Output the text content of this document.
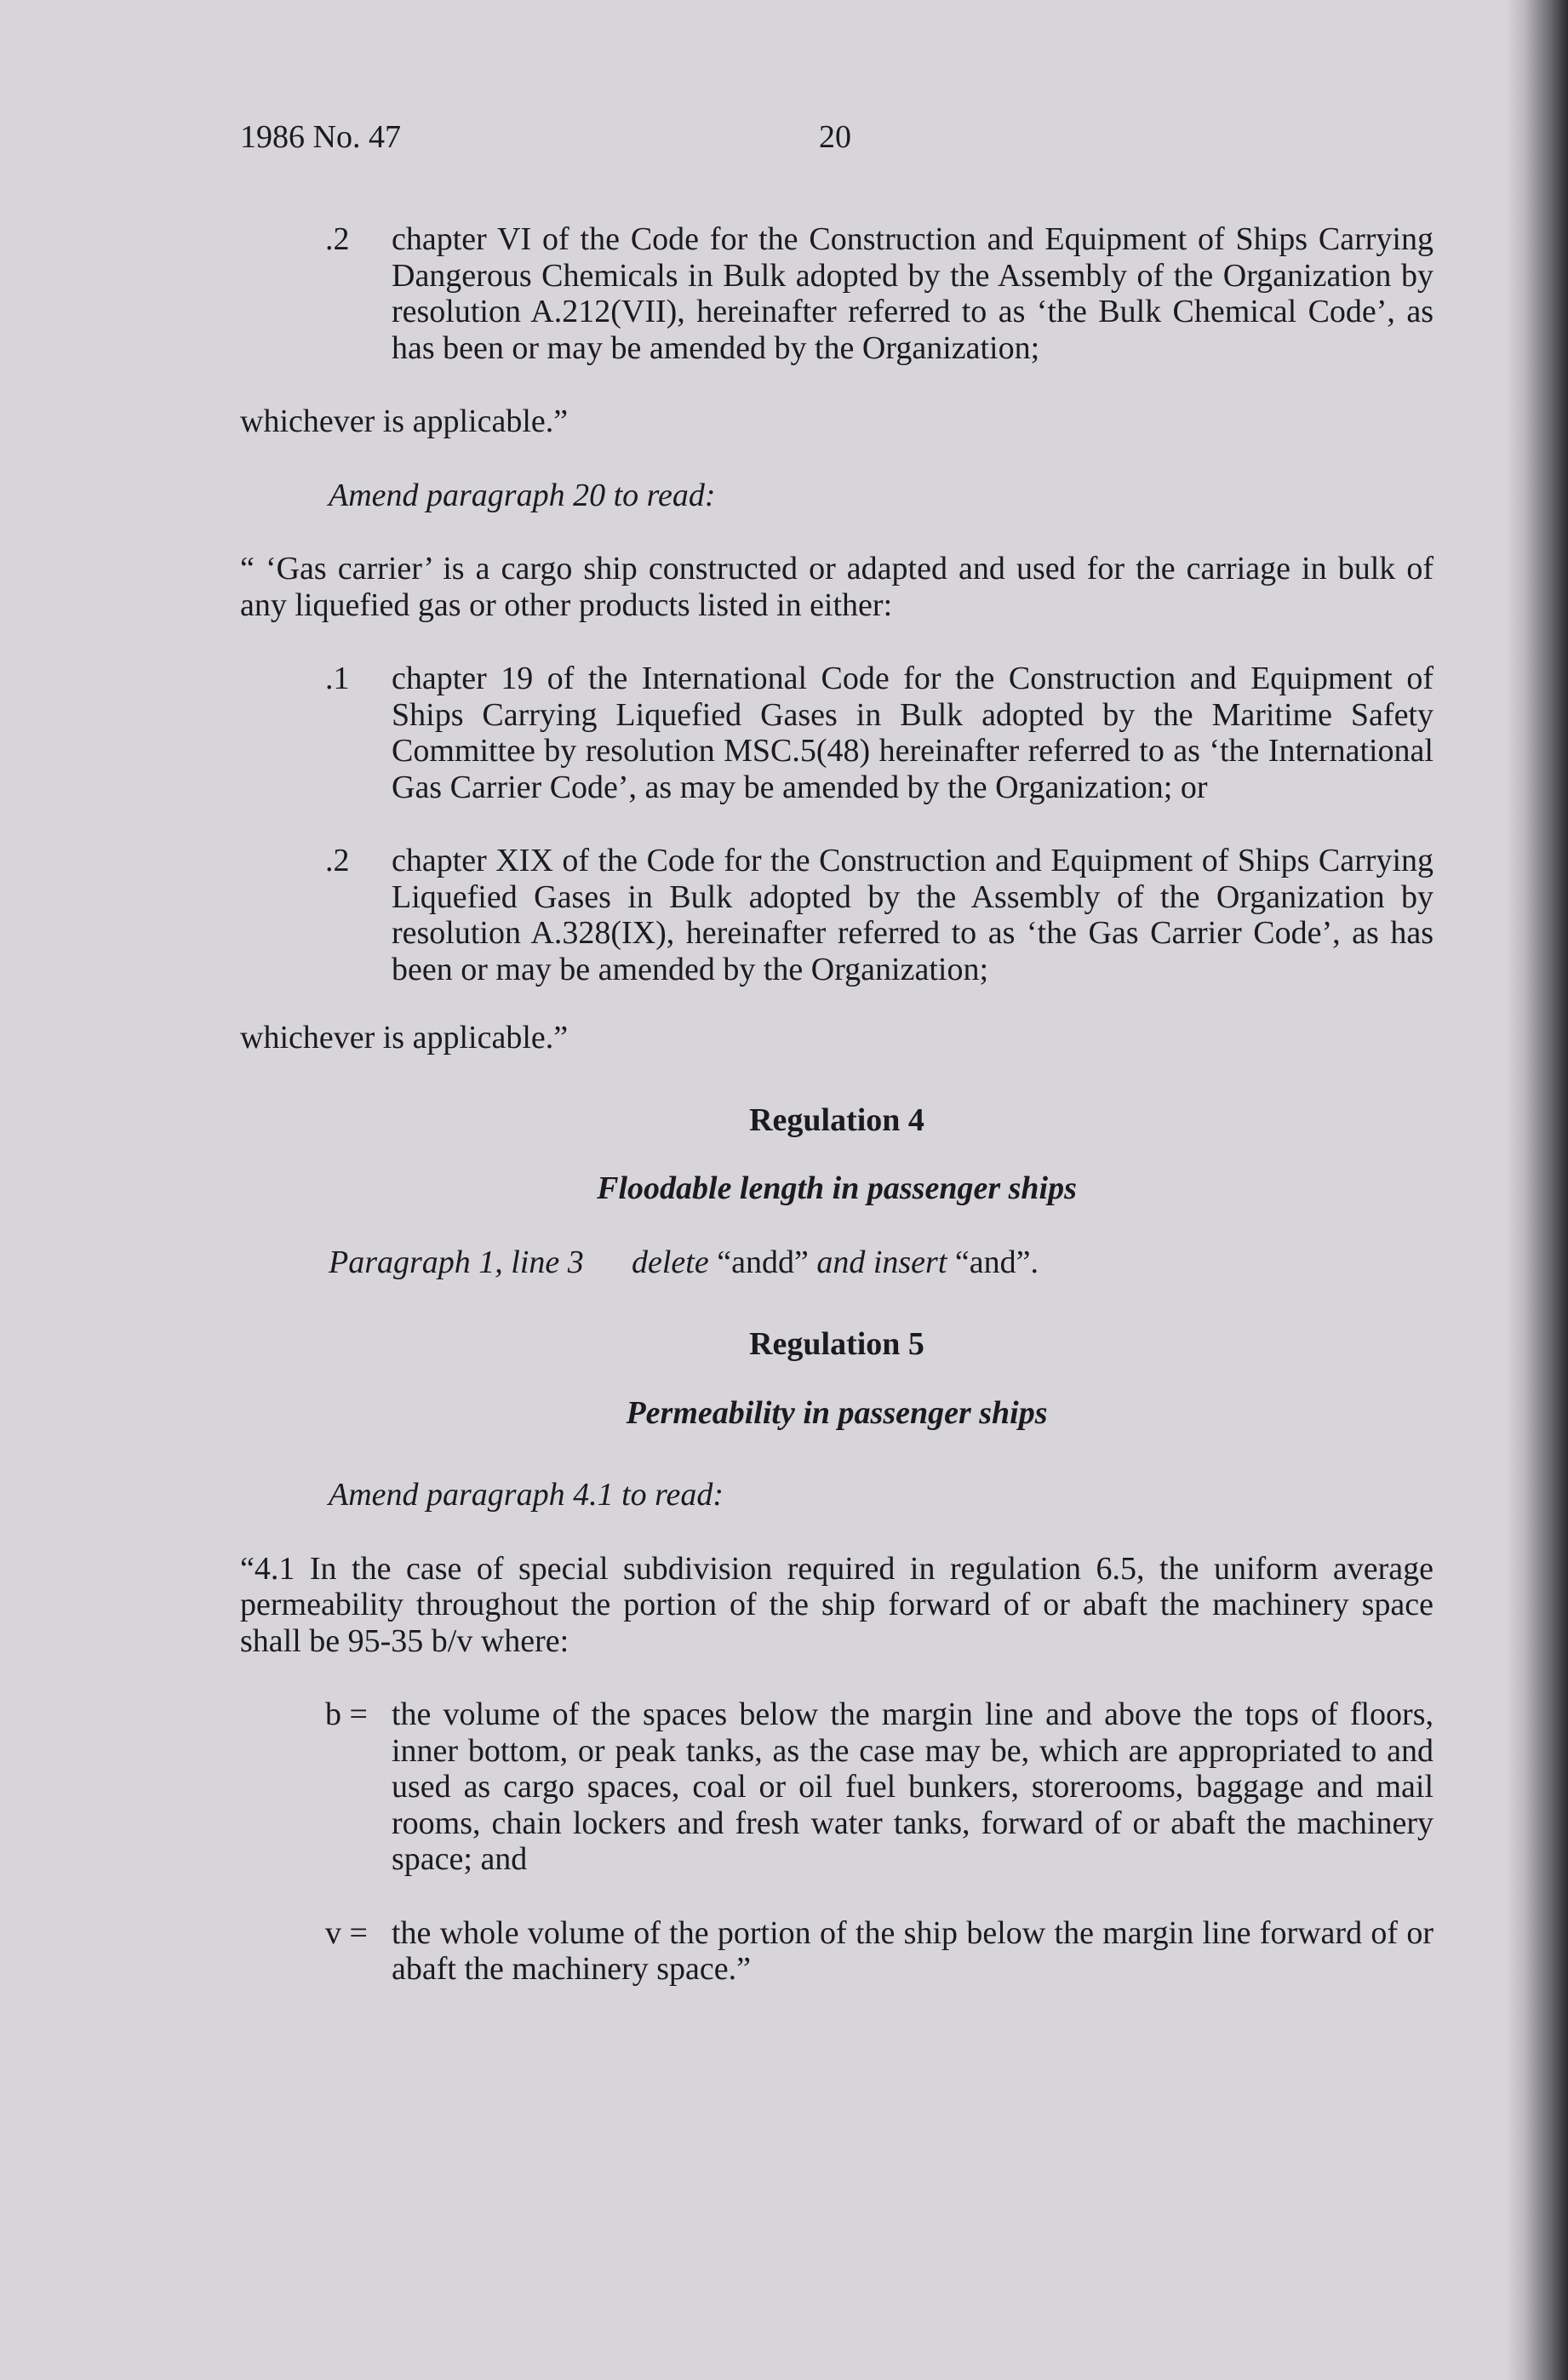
1986 No. 47	20
.2	chapter VI of the Code for the Construction and Equipment of Ships Carrying Dangerous Chemicals in Bulk adopted by the Assembly of the Organization by resolution A.212(VII), hereinafter referred to as ‘the Bulk Chemical Code’, as has been or may be amended by the Organization;

whichever is applicable.”

Amend paragraph 20 to read:

“ ‘Gas carrier’ is a cargo ship constructed or adapted and used for the carriage in bulk of any liquefied gas or other products listed in either:

.1	chapter 19 of the International Code for the Construction and Equipment of Ships Carrying Liquefied Gases in Bulk adopted by the Maritime Safety Committee by resolution MSC.5(48) hereinafter referred to as ‘the International Gas Carrier Code’, as may be amended by the Organization; or
.2	chapter XIX of the Code for the Construction and Equipment of Ships Carrying Liquefied Gases in Bulk adopted by the Assembly of the Organization by resolution A.328(IX), hereinafter referred to as ‘the Gas Carrier Code’, as has been or may be amended by the Organization;

whichever is applicable.”

Regulation 4

Floodable length in passenger ships

Paragraph 1, line 3	delete “andd” and insert “and”.

Regulation 5

Permeability in passenger ships

Amend paragraph 4.1 to read:

“4.1 In the case of special subdivision required in regulation 6.5, the uniform average permeability throughout the portion of the ship forward of or abaft the machinery space shall be 95-35 b/v where:

b = the volume of the spaces below the margin line and above the tops of floors, inner bottom, or peak tanks, as the case may be, which are appropriated to and used as cargo spaces, coal or oil fuel bunkers, storerooms, baggage and mail rooms, chain lockers and fresh water tanks, forward of or abaft the machinery space; and
v = the whole volume of the portion of the ship below the margin line forward of or abaft the machinery space.”
